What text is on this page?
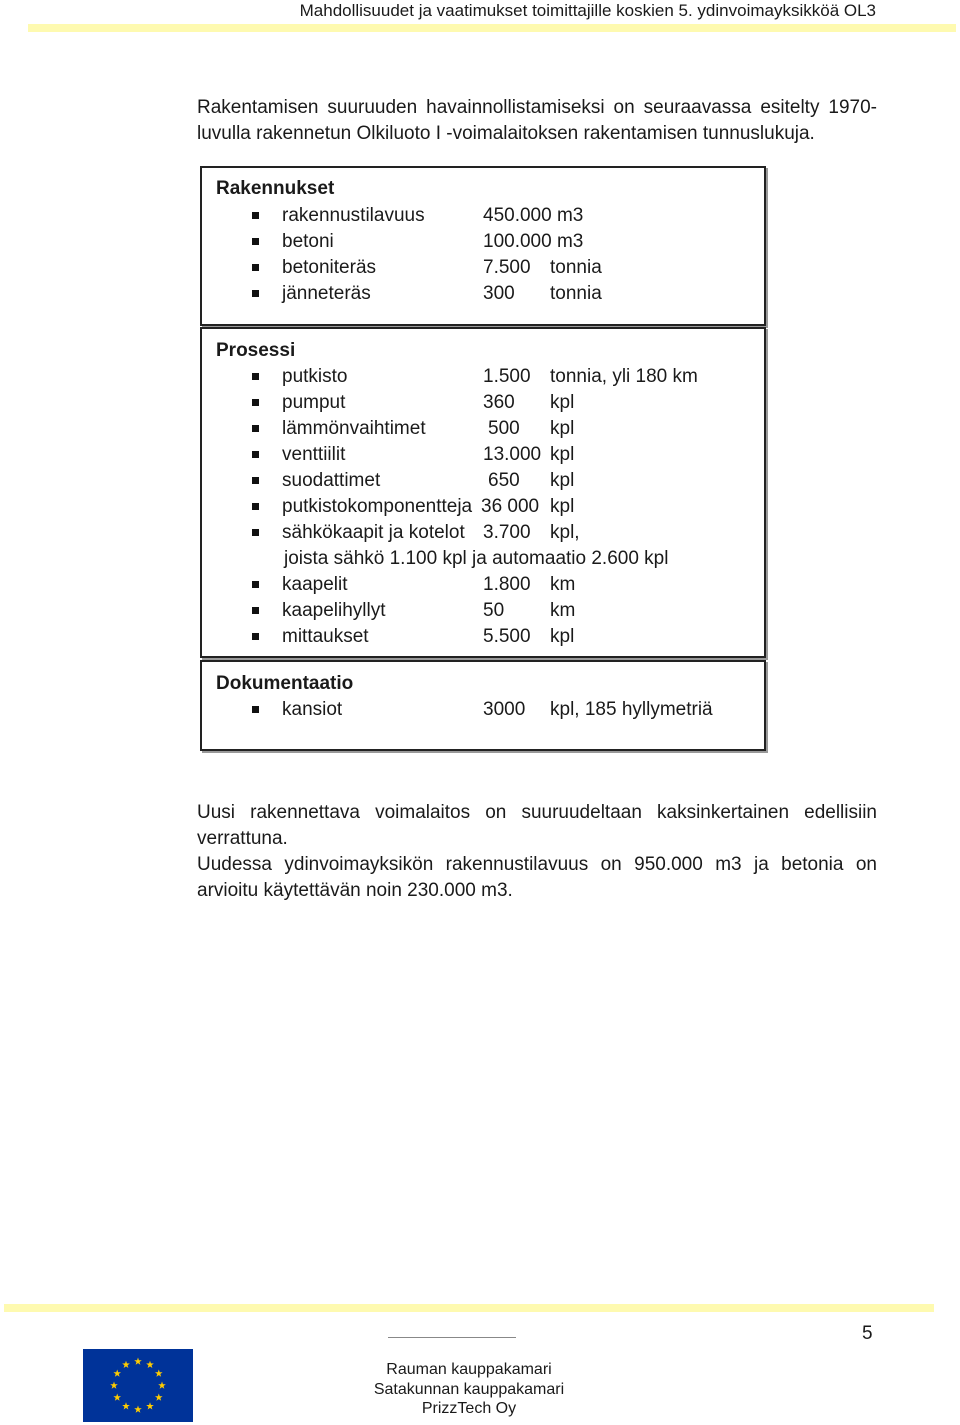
Mahdollisuudet ja vaatimukset toimittajille koskien 5. ydinvoimayksikköä OL3
Rakentamisen suuruuden havainnollistamiseksi on seuraavassa esitelty 1970-luvulla rakennetun Olkiluoto I -voimalaitoksen rakentamisen tunnuslukuja.
Rakennukset
rakennustilavuus	450.000 m3
betoni	100.000 m3
betoniteräs	7.500 tonnia
jänneteräs	300 tonnia
Prosessi
putkisto	1.500 tonnia, yli 180 km
pumput	360 kpl
lämmönvaihtimet	500 kpl
venttiilit	13.000 kpl
suodattimet	650 kpl
putkistokomponentteja 36 000 kpl
sähkökaapit ja kotelot 3.700 kpl,
joista sähkö 1.100 kpl ja automaatio 2.600 kpl
kaapelit	1.800 km
kaapelihyllyt	50 km
mittaukset	5.500 kpl
Dokumentaatio
kansiot	3000 kpl, 185 hyllymetriä

Uusi rakennettava voimalaitos on suuruudeltaan kaksinkertainen edellisiin verrattuna.

Uudessa ydinvoimayksikön rakennustilavuus on 950.000 m3 ja betonia on arvioitu käytettävän noin 230.000 m3.

5
Rauman kauppakamari
Satakunnan kauppakamari
PrizzTech Oy
